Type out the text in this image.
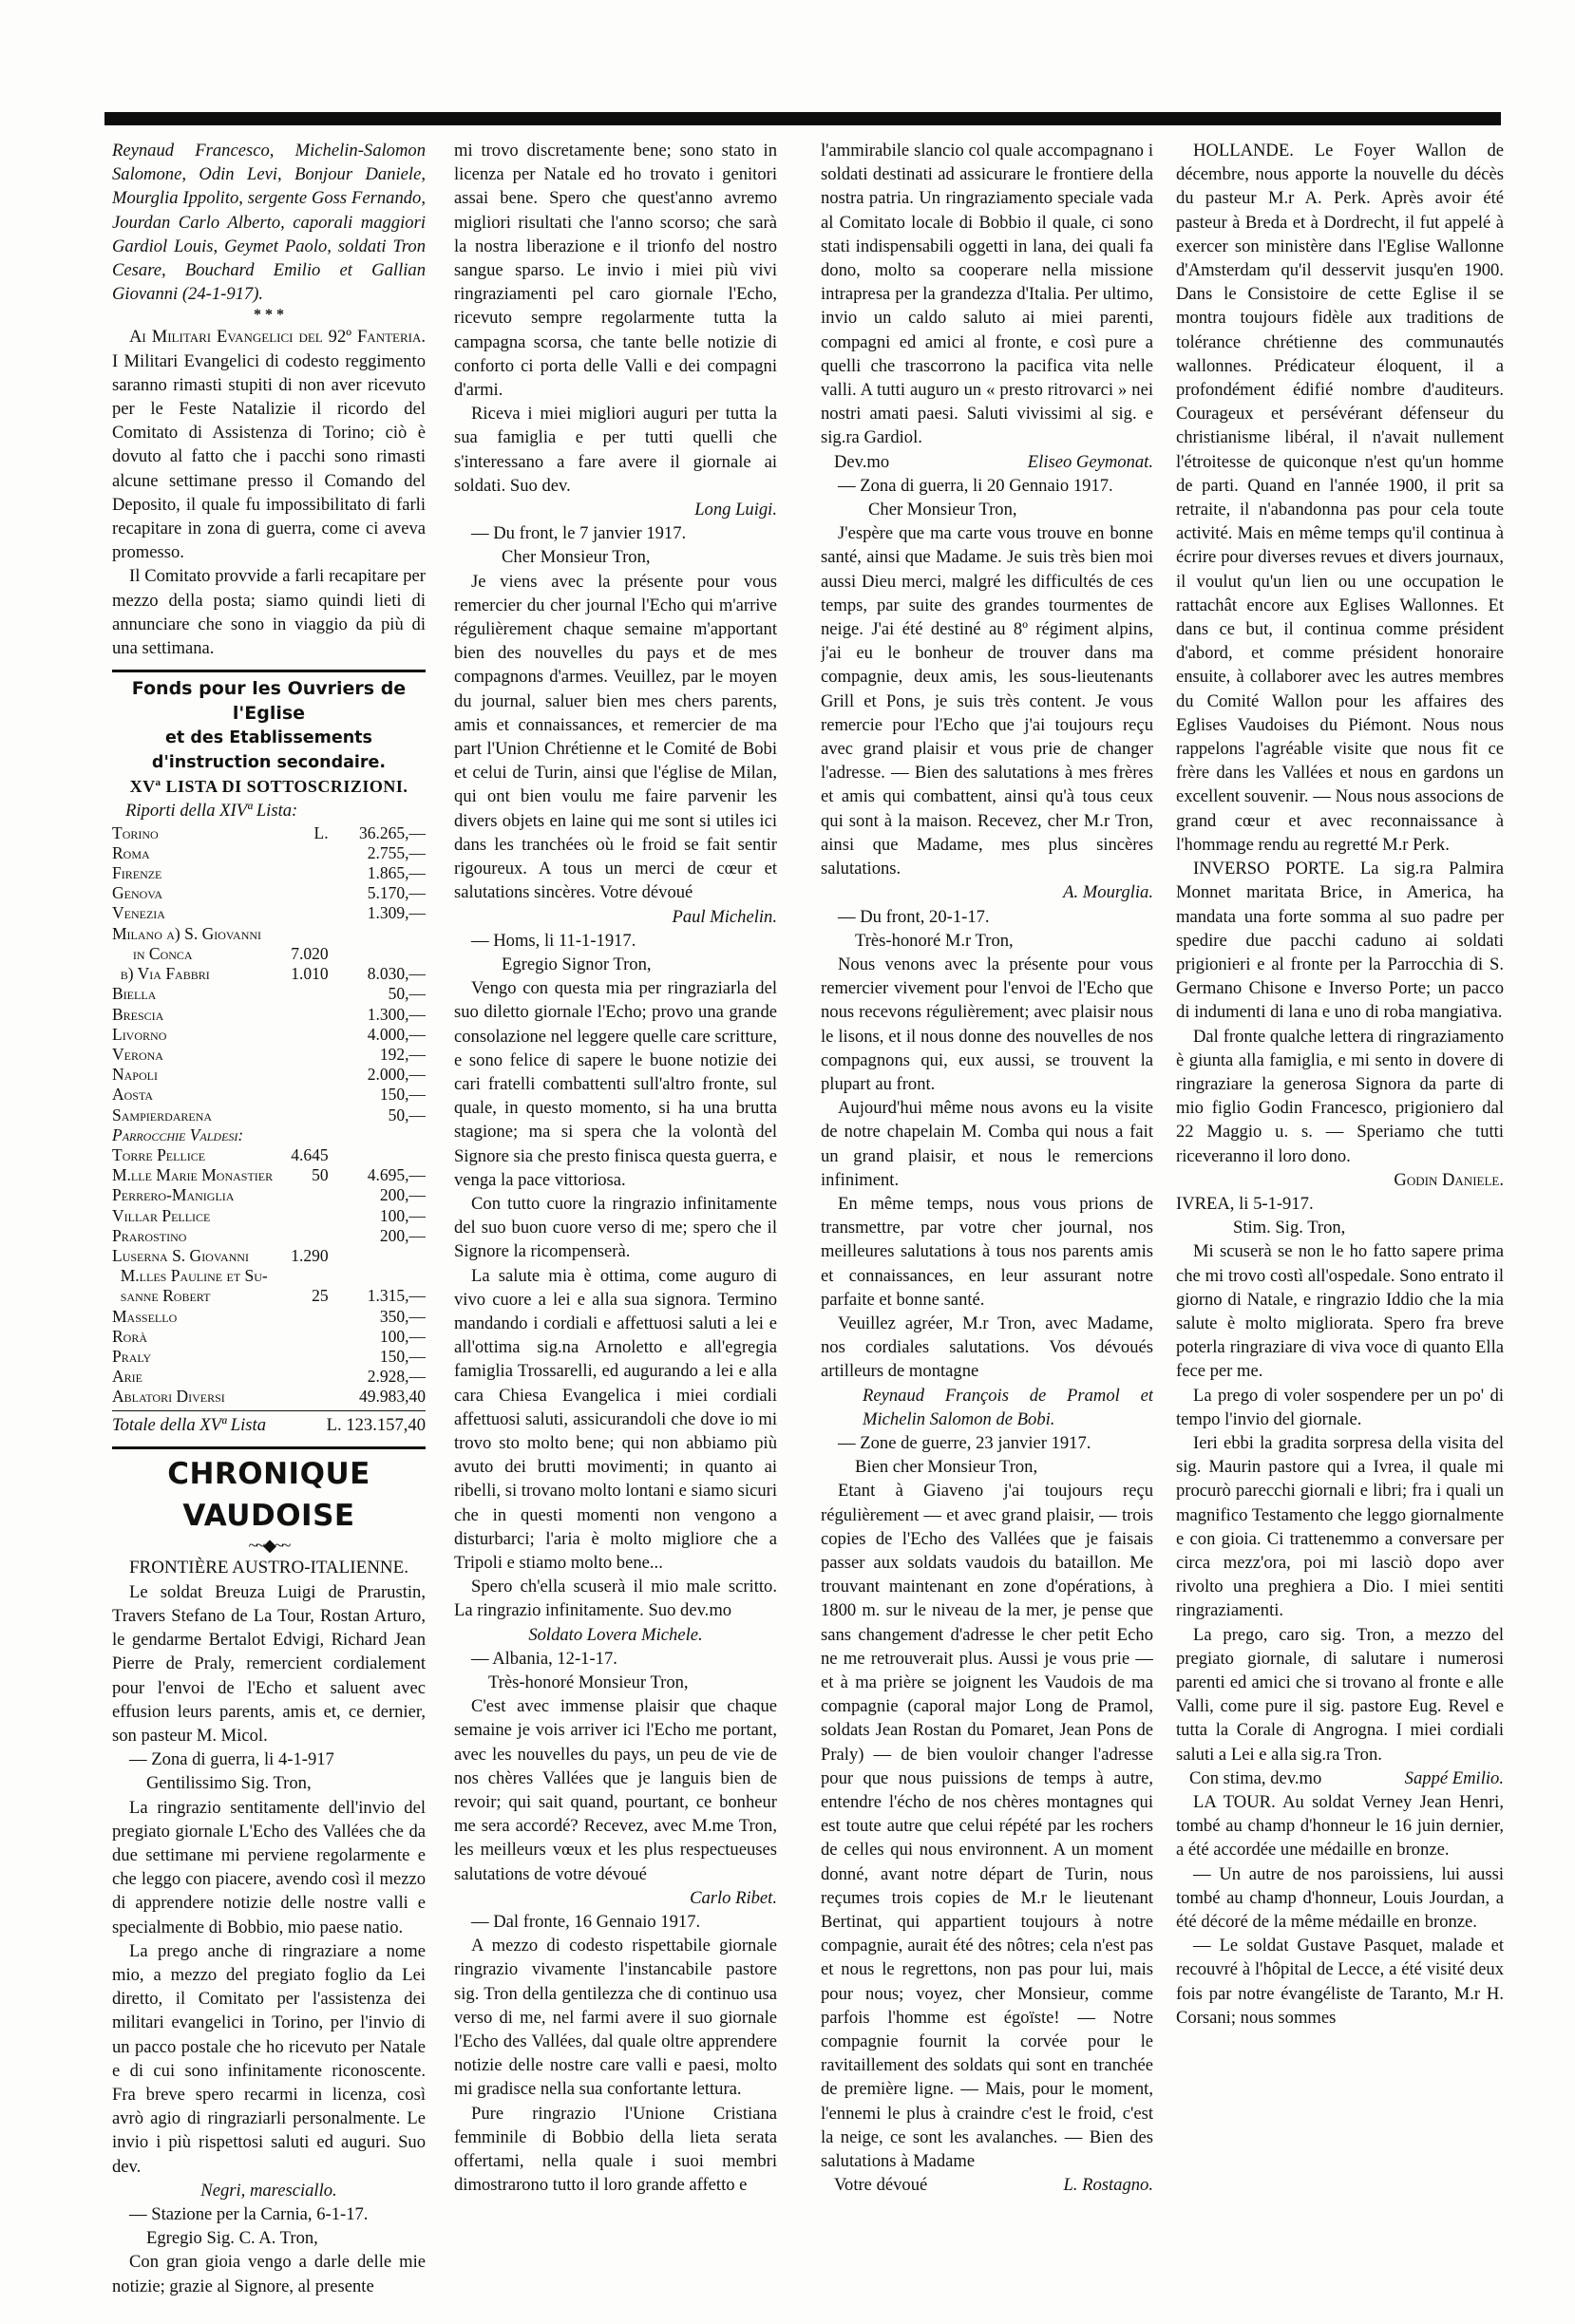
Reynaud Francesco, Michelin-Salomon Salomone, Odin Levi, Bonjour Daniele, Mourglia Ippolito, sergente Goss Fernando, Jourdan Carlo Alberto, caporali maggiori Gardiol Louis, Geymet Paolo, soldati Tron Cesare, Bouchard Emilio et Gallian Giovanni (24-1-917).

* * *

Ai Militari Evangelici del 92º Fanteria. I Militari Evangelici di codesto reggimento saranno rimasti stupiti di non aver ricevuto per le Feste Natalizie il ricordo del Comitato di Assistenza di Torino; ciò è dovuto al fatto che i pacchi sono rimasti alcune settimane presso il Comando del Deposito, il quale fu impossibilitato di farli recapitare in zona di guerra, come ci aveva promesso.

Il Comitato provvide a farli recapitare per mezzo della posta; siamo quindi lieti di annunciare che sono in viaggio da più di una settimana.

Fonds pour les Ouvriers de l'Eglise
et des Etablissements d'instruction secondaire.
XVª LISTA DI SOTTOSCRIZIONI.

Riporti della XIVª Lista:

Torino	L.	36.265,—
Roma		2.755,—
Firenze		1.865,—
Genova		5.170,—
Venezia		1.309,—
Milano a) S. Giovanni		
in Conca	7.020	
b) Via Fabbri	1.010	8.030,—
Biella		50,—
Brescia		1.300,—
Livorno		4.000,—
Verona		192,—
Napoli		2.000,—
Aosta		150,—
Sampierdarena		50,—
Parrocchie Valdesi:		
Torre Pellice	4.645	
M.lle Marie Monastier	50	4.695,—
Perrero-Maniglia		200,—
Villar Pellice		100,—
Prarostino		200,—
Luserna S. Giovanni	1.290	
M.lles Pauline et Su-		
sanne Robert	25	1.315,—
Massello		350,—
Rorà		100,—
Praly		150,—
Arie		2.928,—
Ablatori Diversi		49.983,40

Totale della XVª Lista	L. 123.157,40

CHRONIQUE VAUDOISE
~~◆~~
FRONTIÈRE AUSTRO-ITALIENNE.

Le soldat Breuza Luigi de Prarustin, Travers Stefano de La Tour, Rostan Arturo, le gendarme Bertalot Edvigi, Richard Jean Pierre de Praly, remercient cordialement pour l'envoi de l'Echo et saluent avec effusion leurs parents, amis et, ce dernier, son pasteur M. Micol.

— Zona di guerra, li 4-1-917

Gentilissimo Sig. Tron,

La ringrazio sentitamente dell'invio del pregiato giornale L'Echo des Vallées che da due settimane mi perviene regolarmente e che leggo con piacere, avendo così il mezzo di apprendere notizie delle nostre valli e specialmente di Bobbio, mio paese natio.

La prego anche di ringraziare a nome mio, a mezzo del pregiato foglio da Lei diretto, il Comitato per l'assistenza dei militari evangelici in Torino, per l'invio di un pacco postale che ho ricevuto per Natale e di cui sono infinitamente riconoscente. Fra breve spero recarmi in licenza, così avrò agio di ringraziarli personalmente. Le invio i più rispettosi saluti ed auguri. Suo dev.

Negri, maresciallo.

— Stazione per la Carnia, 6-1-17.

Egregio Sig. C. A. Tron,

Con gran gioia vengo a darle delle mie notizie; grazie al Signore, al presente

mi trovo discretamente bene; sono stato in licenza per Natale ed ho trovato i genitori assai bene. Spero che quest'anno avremo migliori risultati che l'anno scorso; che sarà la nostra liberazione e il trionfo del nostro sangue sparso. Le invio i miei più vivi ringraziamenti pel caro giornale l'Echo, ricevuto sempre regolarmente tutta la campagna scorsa, che tante belle notizie di conforto ci porta delle Valli e dei compagni d'armi.

Riceva i miei migliori auguri per tutta la sua famiglia e per tutti quelli che s'interessano a fare avere il giornale ai soldati. Suo dev.

Long Luigi.

— Du front, le 7 janvier 1917.

Cher Monsieur Tron,

Je viens avec la présente pour vous remercier du cher journal l'Echo qui m'arrive régulièrement chaque semaine m'apportant bien des nouvelles du pays et de mes compagnons d'armes. Veuillez, par le moyen du journal, saluer bien mes chers parents, amis et connaissances, et remercier de ma part l'Union Chrétienne et le Comité de Bobi et celui de Turin, ainsi que l'église de Milan, qui ont bien voulu me faire parvenir les divers objets en laine qui me sont si utiles ici dans les tranchées où le froid se fait sentir rigoureux. A tous un merci de cœur et salutations sincères. Votre dévoué

Paul Michelin.

— Homs, li 11-1-1917.

Egregio Signor Tron,

Vengo con questa mia per ringraziarla del suo diletto giornale l'Echo; provo una grande consolazione nel leggere quelle care scritture, e sono felice di sapere le buone notizie dei cari fratelli combattenti sull'altro fronte, sul quale, in questo momento, si ha una brutta stagione; ma si spera che la volontà del Signore sia che presto finisca questa guerra, e venga la pace vittoriosa.

Con tutto cuore la ringrazio infinitamente del suo buon cuore verso di me; spero che il Signore la ricompenserà.

La salute mia è ottima, come auguro di vivo cuore a lei e alla sua signora. Termino mandando i cordiali e affettuosi saluti a lei e all'ottima sig.na Arnoletto e all'egregia famiglia Trossarelli, ed augurando a lei e alla cara Chiesa Evangelica i miei cordiali affettuosi saluti, assicurandoli che dove io mi trovo sto molto bene; qui non abbiamo più avuto dei brutti movimenti; in quanto ai ribelli, si trovano molto lontani e siamo sicuri che in questi momenti non vengono a disturbarci; l'aria è molto migliore che a Tripoli e stiamo molto bene...

Spero ch'ella scuserà il mio male scritto. La ringrazio infinitamente. Suo dev.mo

Soldato Lovera Michele.

— Albania, 12-1-17.

Très-honoré Monsieur Tron,

C'est avec immense plaisir que chaque semaine je vois arriver ici l'Echo me portant, avec les nouvelles du pays, un peu de vie de nos chères Vallées que je languis bien de revoir; qui sait quand, pourtant, ce bonheur me sera accordé? Recevez, avec M.me Tron, les meilleurs vœux et les plus respectueuses salutations de votre dévoué

Carlo Ribet.

— Dal fronte, 16 Gennaio 1917.

A mezzo di codesto rispettabile giornale ringrazio vivamente l'instancabile pastore sig. Tron della gentilezza che di continuo usa verso di me, nel farmi avere il suo giornale l'Echo des Vallées, dal quale oltre apprendere notizie delle nostre care valli e paesi, molto mi gradisce nella sua confortante lettura.

Pure ringrazio l'Unione Cristiana femminile di Bobbio della lieta serata offertami, nella quale i suoi membri dimostrarono tutto il loro grande affetto e

l'ammirabile slancio col quale accompagnano i soldati destinati ad assicurare le frontiere della nostra patria. Un ringraziamento speciale vada al Comitato locale di Bobbio il quale, ci sono stati indispensabili oggetti in lana, dei quali fa dono, molto sa cooperare nella missione intrapresa per la grandezza d'Italia. Per ultimo, invio un caldo saluto ai miei parenti, compagni ed amici al fronte, e così pure a quelli che trascorrono la pacifica vita nelle valli. A tutti auguro un « presto ritrovarci » nei nostri amati paesi. Saluti vivissimi al sig. e sig.ra Gardiol.

Dev.mo	Eliseo Geymonat.

— Zona di guerra, li 20 Gennaio 1917.

Cher Monsieur Tron,

J'espère que ma carte vous trouve en bonne santé, ainsi que Madame. Je suis très bien moi aussi Dieu merci, malgré les difficultés de ces temps, par suite des grandes tourmentes de neige. J'ai été destiné au 8º régiment alpins, j'ai eu le bonheur de trouver dans ma compagnie, deux amis, les sous-lieutenants Grill et Pons, je suis très content. Je vous remercie pour l'Echo que j'ai toujours reçu avec grand plaisir et vous prie de changer l'adresse. — Bien des salutations à mes frères et amis qui combattent, ainsi qu'à tous ceux qui sont à la maison. Recevez, cher M.r Tron, ainsi que Madame, mes plus sincères salutations.

A. Mourglia.

— Du front, 20-1-17.

Très-honoré M.r Tron,

Nous venons avec la présente pour vous remercier vivement pour l'envoi de l'Echo que nous recevons régulièrement; avec plaisir nous le lisons, et il nous donne des nouvelles de nos compagnons qui, eux aussi, se trouvent la plupart au front.

Aujourd'hui même nous avons eu la visite de notre chapelain M. Comba qui nous a fait un grand plaisir, et nous le remercions infiniment.

En même temps, nous vous prions de transmettre, par votre cher journal, nos meilleures salutations à tous nos parents amis et connaissances, en leur assurant notre parfaite et bonne santé.

Veuillez agréer, M.r Tron, avec Madame, nos cordiales salutations. Vos dévoués artilleurs de montagne

Reynaud François de Pramol et Michelin Salomon de Bobi.

— Zone de guerre, 23 janvier 1917.

Bien cher Monsieur Tron,

Etant à Giaveno j'ai toujours reçu régulièrement — et avec grand plaisir, — trois copies de l'Echo des Vallées que je faisais passer aux soldats vaudois du bataillon. Me trouvant maintenant en zone d'opérations, à 1800 m. sur le niveau de la mer, je pense que sans changement d'adresse le cher petit Echo ne me retrouverait plus. Aussi je vous prie — et à ma prière se joignent les Vaudois de ma compagnie (caporal major Long de Pramol, soldats Jean Rostan du Pomaret, Jean Pons de Praly) — de bien vouloir changer l'adresse pour que nous puissions de temps à autre, entendre l'écho de nos chères montagnes qui est toute autre que celui répété par les rochers de celles qui nous environnent. A un moment donné, avant notre départ de Turin, nous reçumes trois copies de M.r le lieutenant Bertinat, qui appartient toujours à notre compagnie, aurait été des nôtres; cela n'est pas et nous le regrettons, non pas pour lui, mais pour nous; voyez, cher Monsieur, comme parfois l'homme est égoïste! — Notre compagnie fournit la corvée pour le ravitaillement des soldats qui sont en tranchée de première ligne. — Mais, pour le moment, l'ennemi le plus à craindre c'est le froid, c'est la neige, ce sont les avalanches. — Bien des salutations à Madame

Votre dévoué	L. Rostagno.

HOLLANDE. Le Foyer Wallon de décembre, nous apporte la nouvelle du décès du pasteur M.r A. Perk. Après avoir été pasteur à Breda et à Dordrecht, il fut appelé à exercer son ministère dans l'Eglise Wallonne d'Amsterdam qu'il desservit jusqu'en 1900. Dans le Consistoire de cette Eglise il se montra toujours fidèle aux traditions de tolérance chrétienne des communautés wallonnes. Prédicateur éloquent, il a profondément édifié nombre d'auditeurs. Courageux et persévérant défenseur du christianisme libéral, il n'avait nullement l'étroitesse de quiconque n'est qu'un homme de parti. Quand en l'année 1900, il prit sa retraite, il n'abandonna pas pour cela toute activité. Mais en même temps qu'il continua à écrire pour diverses revues et divers journaux, il voulut qu'un lien ou une occupation le rattachât encore aux Eglises Wallonnes. Et dans ce but, il continua comme président d'abord, et comme président honoraire ensuite, à collaborer avec les autres membres du Comité Wallon pour les affaires des Eglises Vaudoises du Piémont. Nous nous rappelons l'agréable visite que nous fit ce frère dans les Vallées et nous en gardons un excellent souvenir. — Nous nous associons de grand cœur et avec reconnaissance à l'hommage rendu au regretté M.r Perk.

INVERSO PORTE. La sig.ra Palmira Monnet maritata Brice, in America, ha mandata una forte somma al suo padre per spedire due pacchi caduno ai soldati prigionieri e al fronte per la Parrocchia di S. Germano Chisone e Inverso Porte; un pacco di indumenti di lana e uno di roba mangiativa.

Dal fronte qualche lettera di ringraziamento è giunta alla famiglia, e mi sento in dovere di ringraziare la generosa Signora da parte di mio figlio Godin Francesco, prigioniero dal 22 Maggio u. s. — Speriamo che tutti riceveranno il loro dono.

Godin Daniele.

IVREA, li 5-1-917.

Stim. Sig. Tron,

Mi scuserà se non le ho fatto sapere prima che mi trovo costì all'ospedale. Sono entrato il giorno di Natale, e ringrazio Iddio che la mia salute è molto migliorata. Spero fra breve poterla ringraziare di viva voce di quanto Ella fece per me.

La prego di voler sospendere per un po' di tempo l'invio del giornale.

Ieri ebbi la gradita sorpresa della visita del sig. Maurin pastore qui a Ivrea, il quale mi procurò parecchi giornali e libri; fra i quali un magnifico Testamento che leggo giornalmente e con gioia. Ci trattenemmo a conversare per circa mezz'ora, poi mi lasciò dopo aver rivolto una preghiera a Dio. I miei sentiti ringraziamenti.

La prego, caro sig. Tron, a mezzo del pregiato giornale, di salutare i numerosi parenti ed amici che si trovano al fronte e alle Valli, come pure il sig. pastore Eug. Revel e tutta la Corale di Angrogna. I miei cordiali saluti a Lei e alla sig.ra Tron.

Con stima, dev.mo	Sappé Emilio.

LA TOUR. Au soldat Verney Jean Henri, tombé au champ d'honneur le 16 juin dernier, a été accordée une médaille en bronze.

— Un autre de nos paroissiens, lui aussi tombé au champ d'honneur, Louis Jourdan, a été décoré de la même médaille en bronze.

— Le soldat Gustave Pasquet, malade et recouvré à l'hôpital de Lecce, a été visité deux fois par notre évangéliste de Taranto, M.r H. Corsani; nous sommes
